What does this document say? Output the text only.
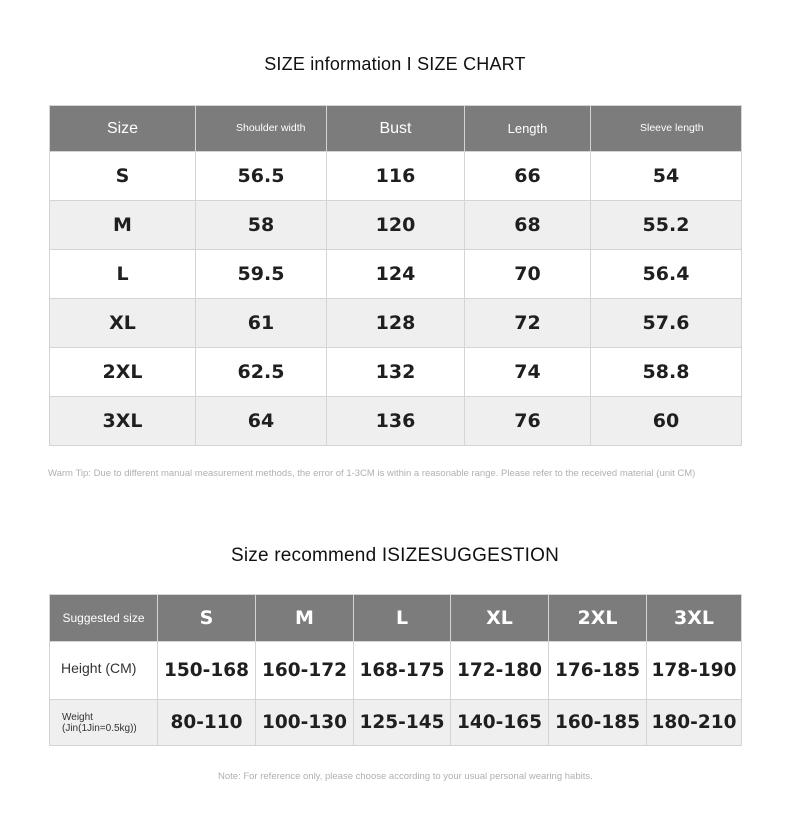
SIZE information I SIZE CHART
Size	Shoulder width	Bust	Length	Sleeve length
S	56.5	116	66	54
M	58	120	68	55.2
L	59.5	124	70	56.4
XL	61	128	72	57.6
2XL	62.5	132	74	58.8
3XL	64	136	76	60
Warm Tip: Due to different manual measurement methods, the error of 1-3CM is within a reasonable range. Please refer to the received material (unit CM)
Size recommend ISIZESUGGESTION
Suggested size	S	M	L	XL	2XL	3XL
Height (CM)	150-168	160-172	168-175	172-180	176-185	178-190
Weight (Jin(1Jin=0.5kg))	80-110	100-130	125-145	140-165	160-185	180-210
Note: For reference only, please choose according to your usual personal wearing habits.
